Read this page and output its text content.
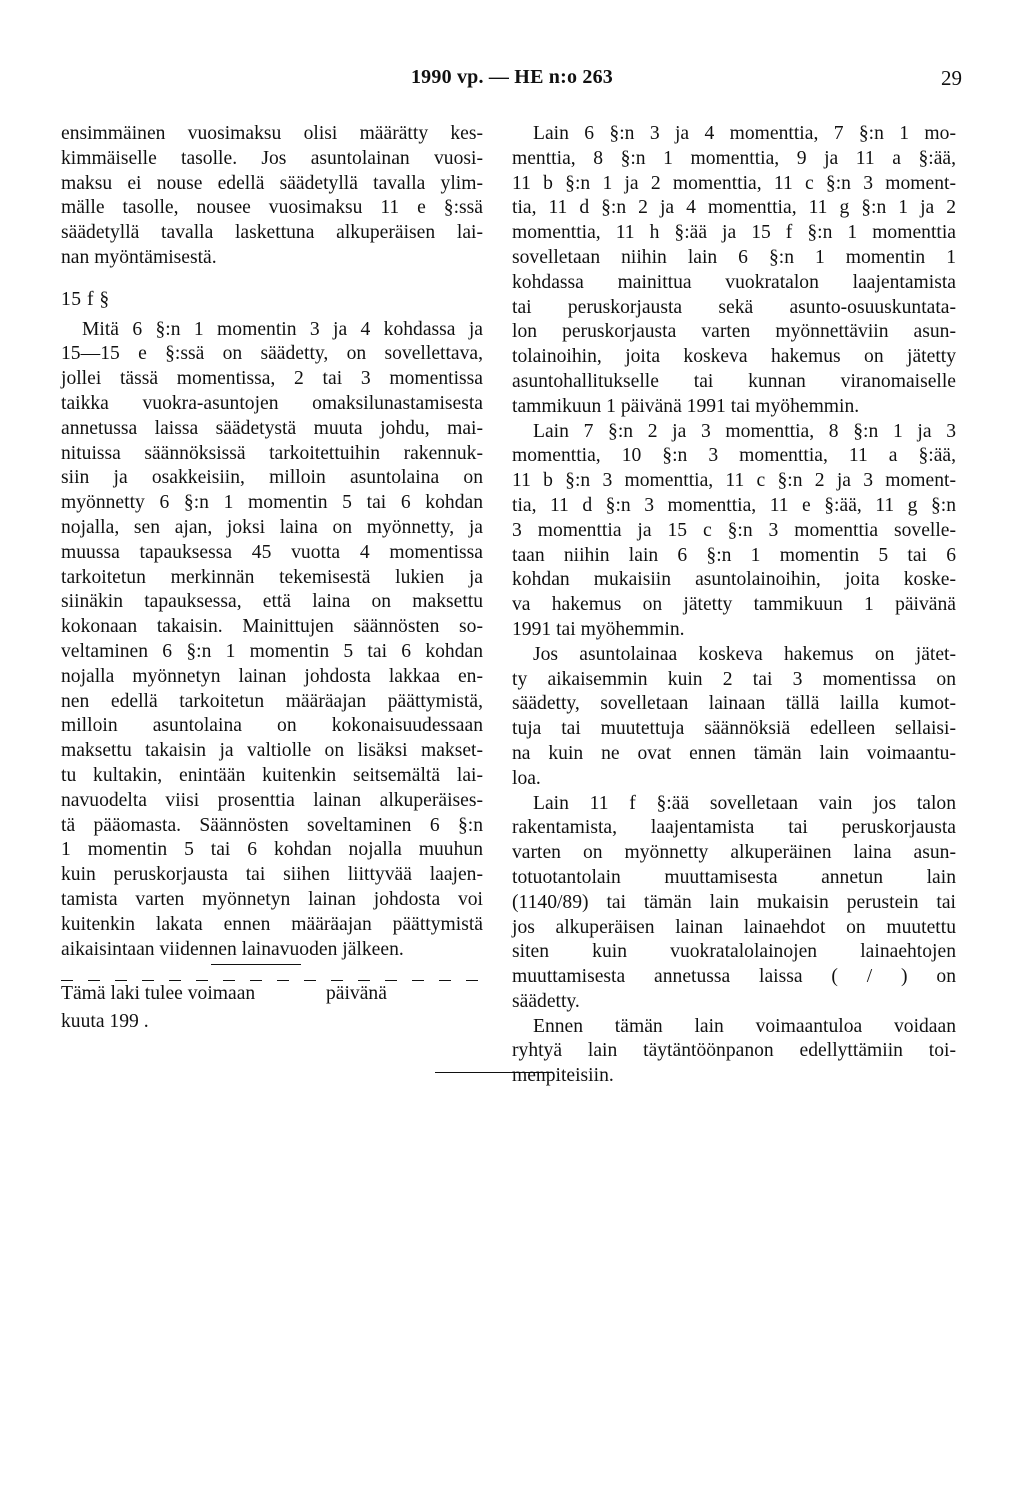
1990 vp. — HE n:o 263	29

ensimmäinen vuosimaksu olisi määrätty kes-
kimmäiselle tasolle. Jos asuntolainan vuosi-
maksu ei nouse edellä säädetyllä tavalla ylim-
mälle tasolle, nousee vuosimaksu 11 e §:ssä
säädetyllä tavalla laskettuna alkuperäisen lai-
nan myöntämisestä.

15 f §

Mitä 6 §:n 1 momentin 3 ja 4 kohdassa ja
15—15 e §:ssä on säädetty, on sovellettava,
jollei tässä momentissa, 2 tai 3 momentissa
taikka vuokra-asuntojen omaksilunastamisesta
annetussa laissa säädetystä muuta johdu, mai-
nituissa säännöksissä tarkoitettuihin rakennuk-
siin ja osakkeisiin, milloin asuntolaina on
myönnetty 6 §:n 1 momentin 5 tai 6 kohdan
nojalla, sen ajan, joksi laina on myönnetty, ja
muussa tapauksessa 45 vuotta 4 momentissa
tarkoitetun merkinnän tekemisestä lukien ja
siinäkin tapauksessa, että laina on maksettu
kokonaan takaisin. Mainittujen säännösten so-
veltaminen 6 §:n 1 momentin 5 tai 6 kohdan
nojalla myönnetyn lainan johdosta lakkaa en-
nen edellä tarkoitetun määräajan päättymistä,
milloin asuntolaina on kokonaisuudessaan
maksettu takaisin ja valtiolle on lisäksi makset-
tu kultakin, enintään kuitenkin seitsemältä lai-
navuodelta viisi prosenttia lainan alkuperäises-
tä pääomasta. Säännösten soveltaminen 6 §:n
1 momentin 5 tai 6 kohdan nojalla muuhun
kuin peruskorjausta tai siihen liittyvää laajen-
tamista varten myönnetyn lainan johdosta voi
kuitenkin lakata ennen määräajan päättymistä
aikaisintaan viidennen lainavuoden jälkeen.

Tämä laki tulee voimaan	päivänä
kuuta 199 .

Lain 6 §:n 3 ja 4 momenttia, 7 §:n 1 mo-
menttia, 8 §:n 1 momenttia, 9 ja 11 a §:ää,
11 b §:n 1 ja 2 momenttia, 11 c §:n 3 moment-
tia, 11 d §:n 2 ja 4 momenttia, 11 g §:n 1 ja 2
momenttia, 11 h §:ää ja 15 f §:n 1 momenttia
sovelletaan niihin lain 6 §:n 1 momentin 1
kohdassa mainittua vuokratalon laajentamista
tai peruskorjausta sekä asunto-osuuskuntata-
lon peruskorjausta varten myönnettäviin asun-
tolainoihin, joita koskeva hakemus on jätetty
asuntohallitukselle tai kunnan viranomaiselle
tammikuun 1 päivänä 1991 tai myöhemmin.

Lain 7 §:n 2 ja 3 momenttia, 8 §:n 1 ja 3
momenttia, 10 §:n 3 momenttia, 11 a §:ää,
11 b §:n 3 momenttia, 11 c §:n 2 ja 3 moment-
tia, 11 d §:n 3 momenttia, 11 e §:ää, 11 g §:n
3 momenttia ja 15 c §:n 3 momenttia sovelle-
taan niihin lain 6 §:n 1 momentin 5 tai 6
kohdan mukaisiin asuntolainoihin, joita koske-
va hakemus on jätetty tammikuun 1 päivänä
1991 tai myöhemmin.

Jos asuntolainaa koskeva hakemus on jätet-
ty aikaisemmin kuin 2 tai 3 momentissa on
säädetty, sovelletaan lainaan tällä lailla kumot-
tuja tai muutettuja säännöksiä edelleen sellaisi-
na kuin ne ovat ennen tämän lain voimaantu-
loa.

Lain 11 f §:ää sovelletaan vain jos talon
rakentamista, laajentamista tai peruskorjausta
varten on myönnetty alkuperäinen laina asun-
totuotantolain muuttamisesta annetun lain
(1140/89) tai tämän lain mukaisin perustein tai
jos alkuperäisen lainan lainaehdot on muutettu
siten kuin vuokratalolainojen lainaehtojen
muuttamisesta annetussa laissa ( / ) on
säädetty.

Ennen tämän lain voimaantuloa voidaan
ryhtyä lain täytäntöönpanon edellyttämiin toi-
menpiteisiin.
